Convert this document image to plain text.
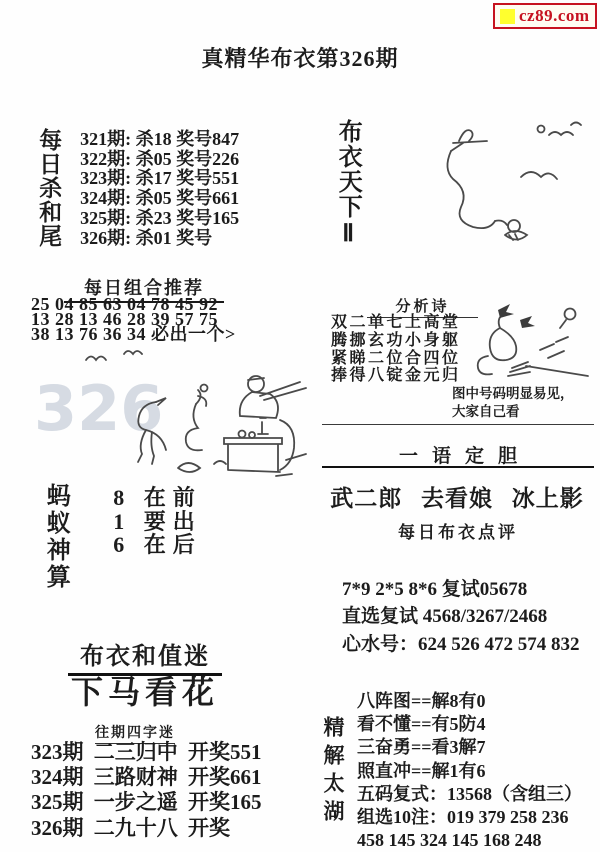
cz89.com
真精华布衣第326期
每日杀和尾 321期: 杀18 奖号847
322期: 杀05 奖号226
323期: 杀17 奖号551
324期: 杀05 奖号661
325期: 杀23 奖号165
326期: 杀01 奖号
每日组合推荐
25 04 85 63 04 78 45 92
13 28 13 46 28 39 57 75
38 13 76 36 34 必出一个>
326
蚂蚁神算 8 在前
1 要出
6 在后
布衣和值迷
下马看花
往期四字迷
323期 二三归中 开奖551
324期 三路财神 开奖661
325期 一步之遥 开奖165
326期 二九十八 开奖
布衣天下Ⅱ
分析诗
双二单七上高堂
腾挪玄功小身躯
紧睇二位合四位
捧得八锭金元归
图中号码明显易见，
大家自己看
一语定胆
武二郎 去看娘 冰上影
每日布衣点评
7*9 2*5 8*6 复试05678
直选复试 4568/3267/2468
心水号：624 526 472 574 832
精解太湖
八阵图==解8有0
看不懂==有5防4
三奋勇==看3解7
照直冲==解1有6
五码复式：13568（含组三）
组选10注：019 379 258 236
458 145 324 145 168 248
